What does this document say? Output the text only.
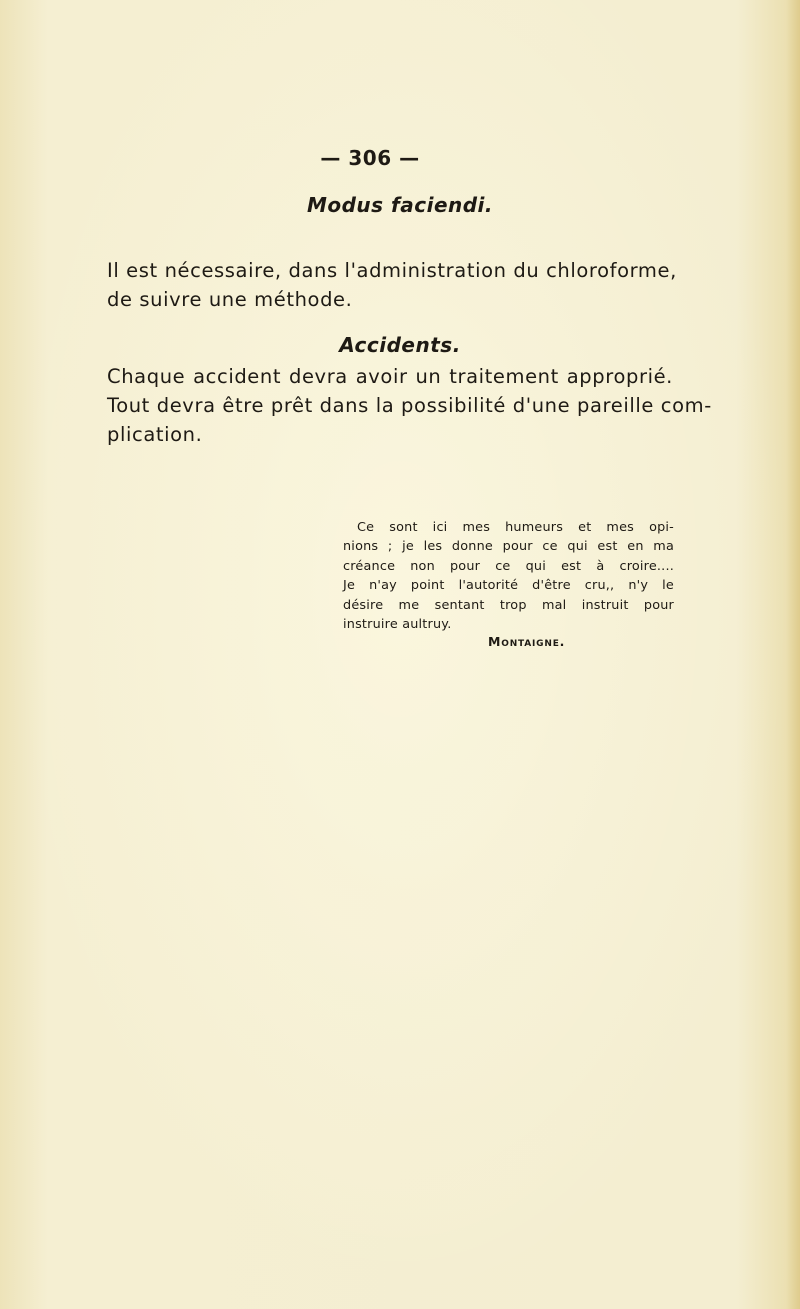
— 306 —
Modus faciendi.
Il est nécessaire, dans l'administration du chloroforme,
de suivre une méthode.
Accidents.
Chaque accident devra avoir un traitement approprié.
Tout devra être prêt dans la possibilité d'une pareille com-
plication.
Ce sont ici mes humeurs et mes opi-
nions ; je les donne pour ce qui est en ma
créance non pour ce qui est à croire....
Je n'ay point l'autorité d'être cru,, n'y le
désire me sentant trop mal instruit pour
instruire aultruy.
Montaigne.
